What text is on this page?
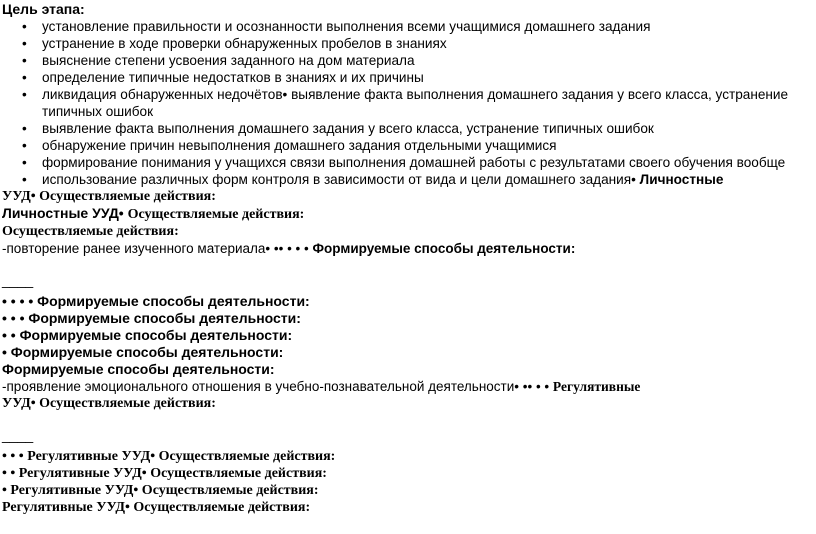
Цель этапа:
• установление правильности и осознанности выполнения всеми учащимися домашнего задания
• устранение в ходе проверки обнаруженных пробелов в знаниях
• выяснение степени усвоения заданного на дом материала
• определение типичные недостатков в знаниях и их причины
• ликвидация обнаруженных недочётов• выявление факта выполнения домашнего задания у всего класса, устранение типичных ошибок
• выявление факта выполнения домашнего задания у всего класса, устранение типичных ошибок
• обнаружение причин невыполнения домашнего задания отдельными учащимися
• формирование понимания у учащихся связи выполнения домашней работы с результатами своего обучения вообще
• использование различных форм контроля в зависимости от вида и цели домашнего задания• Личностные
УУД• Осуществляемые действия:
Личностные УУД• Осуществляемые действия:
Осуществляемые действия:
-повторение ранее изученного материала• •• • • • Формируемые способы деятельности:
____
• • • • Формируемые способы деятельности:
• • • Формируемые способы деятельности:
• • Формируемые способы деятельности:
• Формируемые способы деятельности:
Формируемые способы деятельности:
-проявление эмоционального отношения в учебно-познавательной деятельности• •• • • Регулятивные
УУД• Осуществляемые действия:
____
• • • Регулятивные УУД• Осуществляемые действия:
• • Регулятивные УУД• Осуществляемые действия:
• Регулятивные УУД• Осуществляемые действия:
Регулятивные УУД• Осуществляемые действия:
